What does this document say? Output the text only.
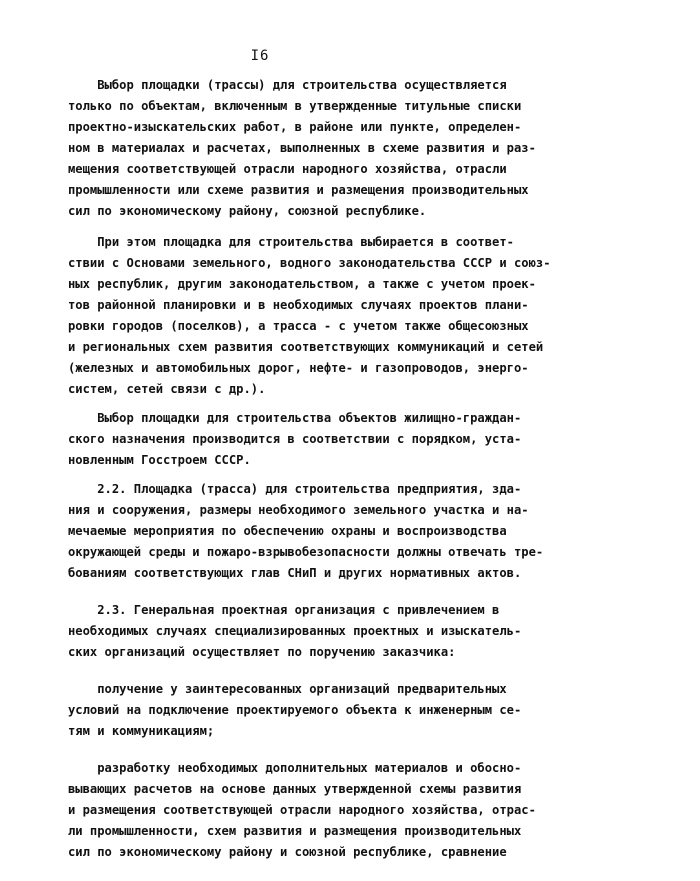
I6
Выбор площадки (трассы) для строительства осуществляется
только по объектам, включенным в утвержденные титульные списки
проектно-изыскательских работ, в районе или пункте, определен-
ном в материалах и расчетах, выполненных в схеме развития и раз-
мещения соответствующей отрасли народного хозяйства, отрасли
промышленности или схеме развития и размещения производительных
сил по экономическому району, союзной республике.
При этом площадка для строительства выбирается в соответ-
ствии с Основами земельного, водного законодательства СССР и союз-
ных республик, другим законодательством, а также с учетом проек-
тов районной планировки и в необходимых случаях проектов плани-
ровки городов (поселков), а трасса - с учетом также общесоюзных
и региональных схем развития соответствующих коммуникаций и сетей
(железных и автомобильных дорог, нефте- и газопроводов, энерго-
систем, сетей связи с др.).
Выбор площадки для строительства объектов жилищно-граждан-
ского назначения производится в соответствии с порядком, уста-
новленным Госстроем СССР.
2.2. Площадка (трасса) для строительства предприятия, зда-
ния и сооружения, размеры необходимого земельного участка и на-
мечаемые мероприятия по обеспечению охраны и воспроизводства
окружающей среды и пожаро-взрывобезопасности должны отвечать тре-
бованиям соответствующих глав СНиП и других нормативных актов.
2.3. Генеральная проектная организация с привлечением в
необходимых случаях специализированных проектных и изыскатель-
ских организаций осуществляет по поручению заказчика:
получение у заинтересованных организаций предварительных
условий на подключение проектируемого объекта к инженерным се-
тям и коммуникациям;
разработку необходимых дополнительных материалов и обосно-
вывающих расчетов на основе данных утвержденной схемы развития
и размещения соответствующей отрасли народного хозяйства, отрас-
ли промышленности, схем развития и размещения производительных
сил по экономическому району и союзной республике, сравнение
